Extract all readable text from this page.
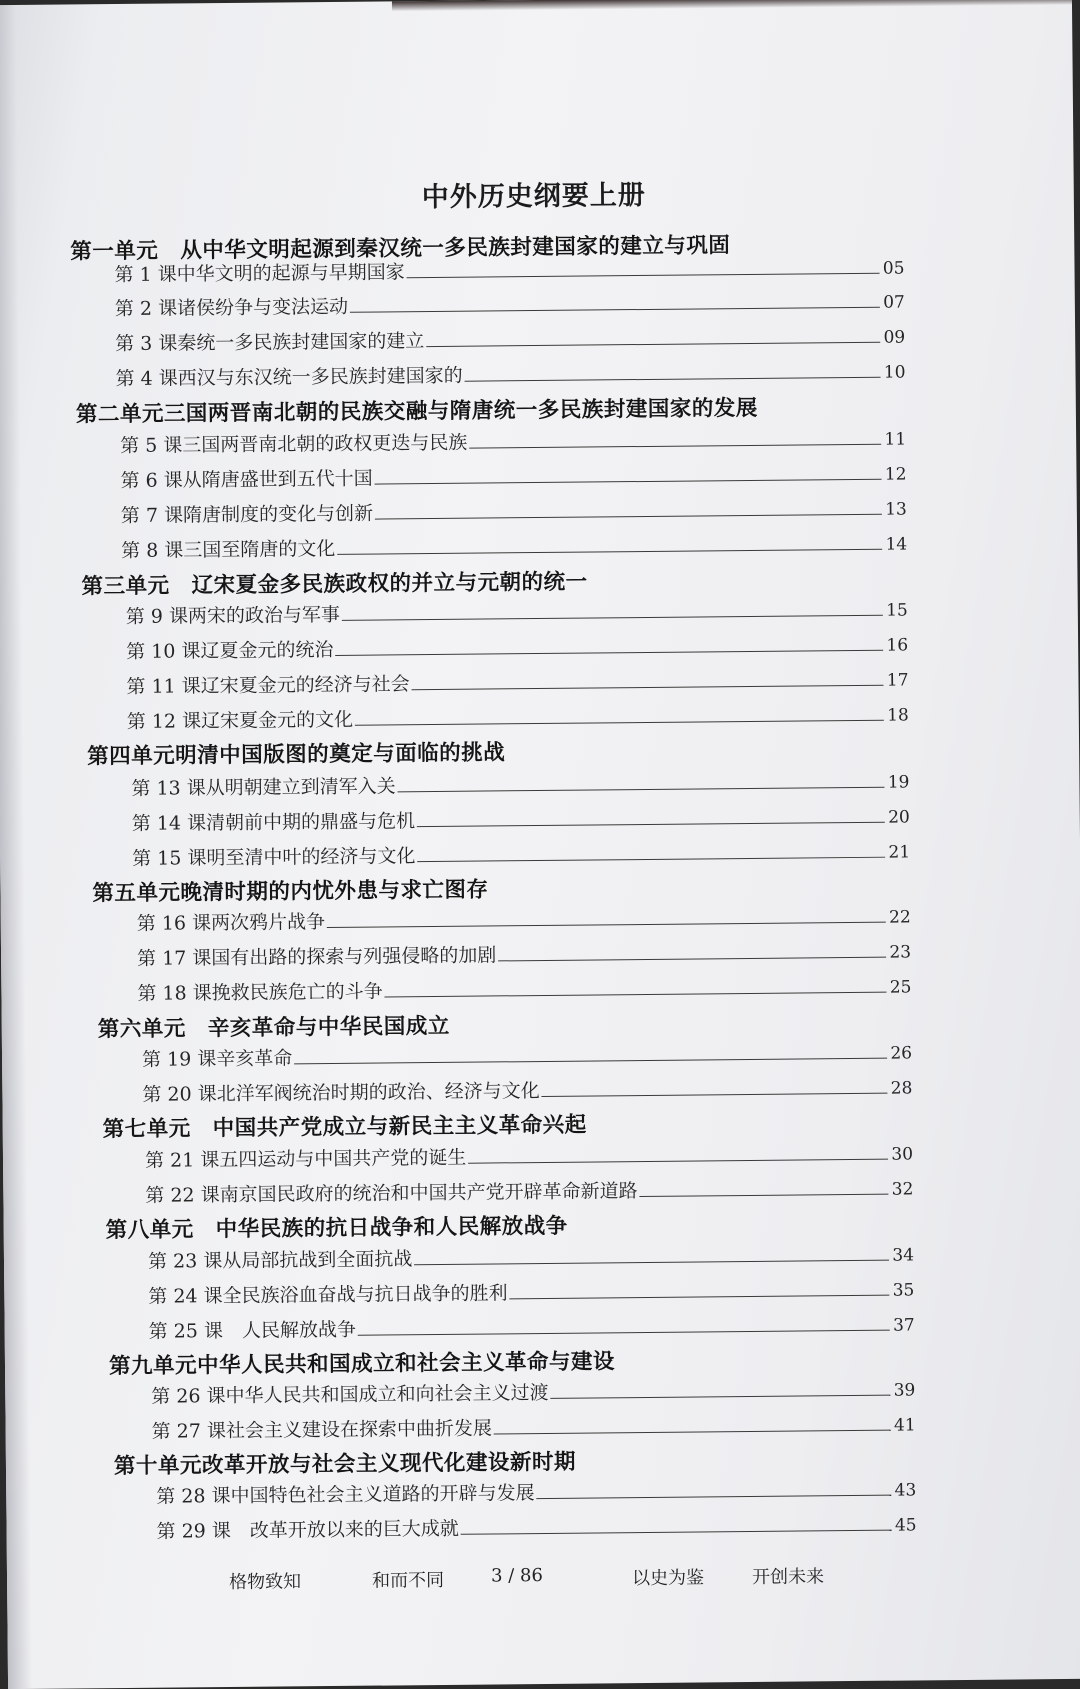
中外历史纲要上册
第一单元　从中华文明起源到秦汉统一多民族封建国家的建立与巩固
第 1 课中华文明的起源与早期国家	05
第 2 课诸侯纷争与变法运动	07
第 3 课秦统一多民族封建国家的建立	09
第 4 课西汉与东汉统一多民族封建国家的	10
第二单元三国两晋南北朝的民族交融与隋唐统一多民族封建国家的发展
第 5 课三国两晋南北朝的政权更迭与民族	11
第 6 课从隋唐盛世到五代十国	12
第 7 课隋唐制度的变化与创新	13
第 8 课三国至隋唐的文化	14
第三单元　辽宋夏金多民族政权的并立与元朝的统一
第 9 课两宋的政治与军事	15
第 10 课辽夏金元的统治	16
第 11 课辽宋夏金元的经济与社会	17
第 12 课辽宋夏金元的文化	18
第四单元明清中国版图的奠定与面临的挑战
第 13 课从明朝建立到清军入关	19
第 14 课清朝前中期的鼎盛与危机	20
第 15 课明至清中叶的经济与文化	21
第五单元晚清时期的内忧外患与求亡图存
第 16 课两次鸦片战争	22
第 17 课国有出路的探索与列强侵略的加剧	23
第 18 课挽救民族危亡的斗争	25
第六单元　辛亥革命与中华民国成立
第 19 课辛亥革命	26
第 20 课北洋军阀统治时期的政治、经济与文化	28
第七单元　中国共产党成立与新民主主义革命兴起
第 21 课五四运动与中国共产党的诞生	30
第 22 课南京国民政府的统治和中国共产党开辟革命新道路	32
第八单元　中华民族的抗日战争和人民解放战争
第 23 课从局部抗战到全面抗战	34
第 24 课全民族浴血奋战与抗日战争的胜利	35
第 25 课　人民解放战争	37
第九单元中华人民共和国成立和社会主义革命与建设
第 26 课中华人民共和国成立和向社会主义过渡	39
第 27 课社会主义建设在探索中曲折发展	41
第十单元改革开放与社会主义现代化建设新时期
第 28 课中国特色社会主义道路的开辟与发展	43
第 29 课　改革开放以来的巨大成就	45
格物致知	和而不同	3 / 86	以史为鉴	开创未来
